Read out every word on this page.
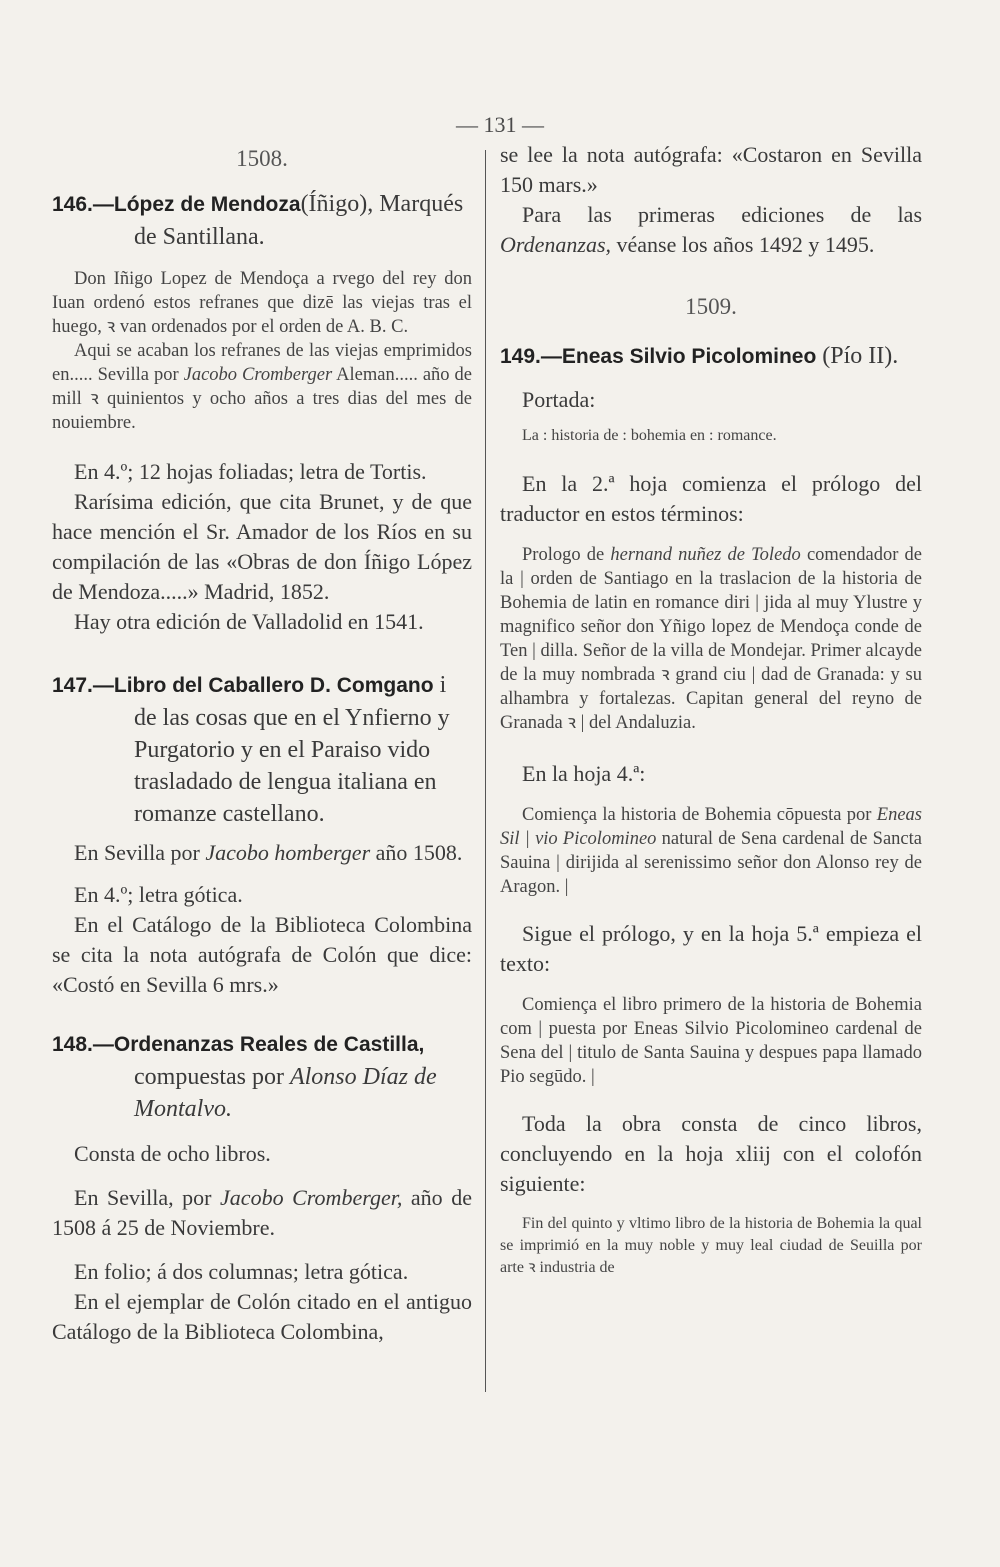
— 131 —

1508.

146.—López de Mendoza(Íñigo), Marqués de Santillana.

Don Iñigo Lopez de Mendoça a rvego del rey don Iuan ordenó estos refranes que dizē las viejas tras el huego, ꝛ van ordenados por el orden de A. B. C.

Aqui se acaban los refranes de las viejas emprimidos en..... Sevilla por Jacobo Cromberger Aleman..... año de mill ꝛ quinientos y ocho años a tres dias del mes de nouiembre.

En 4.º; 12 hojas foliadas; letra de Tortis.

Rarísima edición, que cita Brunet, y de que hace mención el Sr. Amador de los Ríos en su compilación de las «Obras de don Íñigo López de Mendoza.....» Madrid, 1852.

Hay otra edición de Valladolid en 1541.

147.—Libro del Caballero D. Comgano i de las cosas que en el Ynfierno y Purgatorio y en el Paraiso vido trasladado de lengua italiana en romanze castellano.

En Sevilla por Jacobo homberger año 1508.

En 4.º; letra gótica.

En el Catálogo de la Biblioteca Colombina se cita la nota autógrafa de Colón que dice: «Costó en Sevilla 6 mrs.»

148.—Ordenanzas Reales de Castilla, compuestas por Alonso Díaz de Montalvo.

Consta de ocho libros.

En Sevilla, por Jacobo Cromberger, año de 1508 á 25 de Noviembre.

En folio; á dos columnas; letra gótica.

En el ejemplar de Colón citado en el antiguo Catálogo de la Biblioteca Colombina,

se lee la nota autógrafa: «Costaron en Sevilla 150 mars.»

Para las primeras ediciones de las Ordenanzas, véanse los años 1492 y 1495.

1509.

149.—Eneas Silvio Picolomineo (Pío II).

Portada:

La : historia de : bohemia en : romance.

En la 2.ª hoja comienza el prólogo del traductor en estos términos:

Prologo de hernand nuñez de Toledo comendador de la | orden de Santiago en la traslacion de la historia de Bohemia de latin en romance diri | jida al muy Ylustre y magnifico señor don Yñigo lopez de Mendoça conde de Ten | dilla. Señor de la villa de Mondejar. Primer alcayde de la muy nombrada ꝛ grand ciu | dad de Granada: y su alhambra y fortalezas. Capitan general del reyno de Granada ꝛ | del Andaluzia.

En la hoja 4.ª:

Comiença la historia de Bohemia cōpuesta por Eneas Sil | vio Picolomineo natural de Sena cardenal de Sancta Sauina | dirijida al serenissimo señor don Alonso rey de Aragon. |

Sigue el prólogo, y en la hoja 5.ª empieza el texto:

Comiença el libro primero de la historia de Bohemia com | puesta por Eneas Silvio Picolomineo cardenal de Sena del | titulo de Santa Sauina y despues papa llamado Pio segūdo. |

Toda la obra consta de cinco libros, concluyendo en la hoja xliij con el colofón siguiente:

Fin del quinto y vltimo libro de la historia de Bohemia la qual se imprimió en la muy noble y muy leal ciudad de Seuilla por arte ꝛ industria de
